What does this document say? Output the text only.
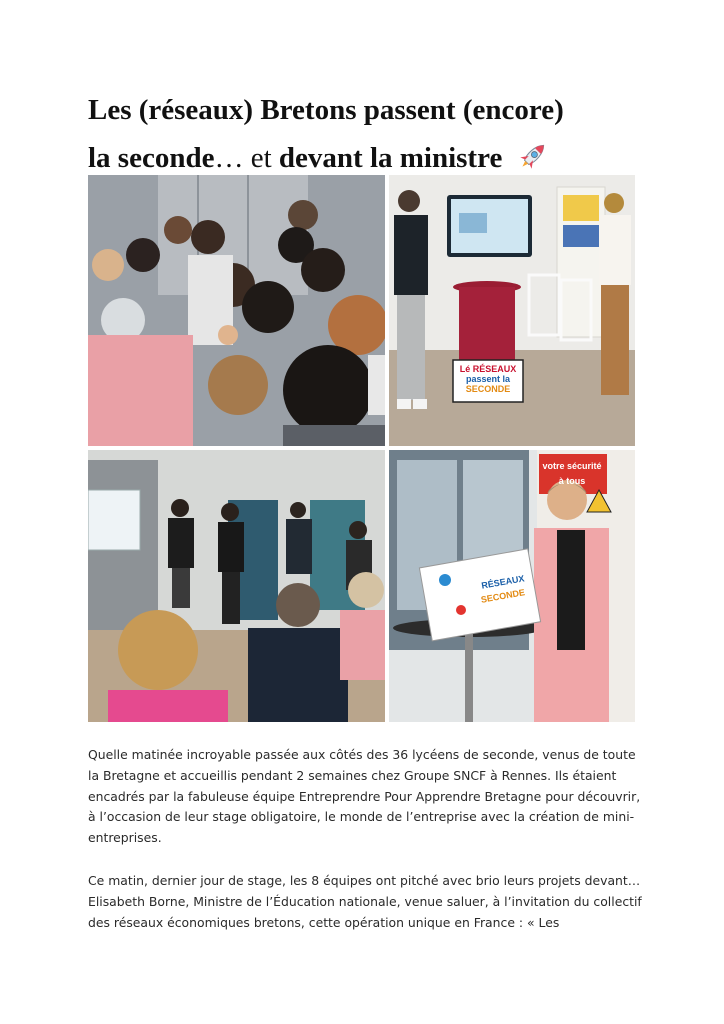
Les (réseaux) Bretons passent (encore)
la seconde… et devant la ministre
Lé RÉSEAUX
passent la
SECONDE
votre sécurité
à tous
RÉSEAUX
SECONDE

Quelle matinée incroyable passée aux côtés des 36 lycéens de seconde, venus de toute la Bretagne et accueillis pendant 2 semaines chez Groupe SNCF à Rennes. Ils étaient encadrés par la fabuleuse équipe Entreprendre Pour Apprendre Bretagne pour découvrir, à l’occasion de leur stage obligatoire, le monde de l’entreprise avec la création de mini-entreprises.

Ce matin, dernier jour de stage, les 8 équipes ont pitché avec brio leurs projets devant… Elisabeth Borne, Ministre de l’Éducation nationale, venue saluer, à l’invitation du collectif des réseaux économiques bretons, cette opération unique en France : « Les
